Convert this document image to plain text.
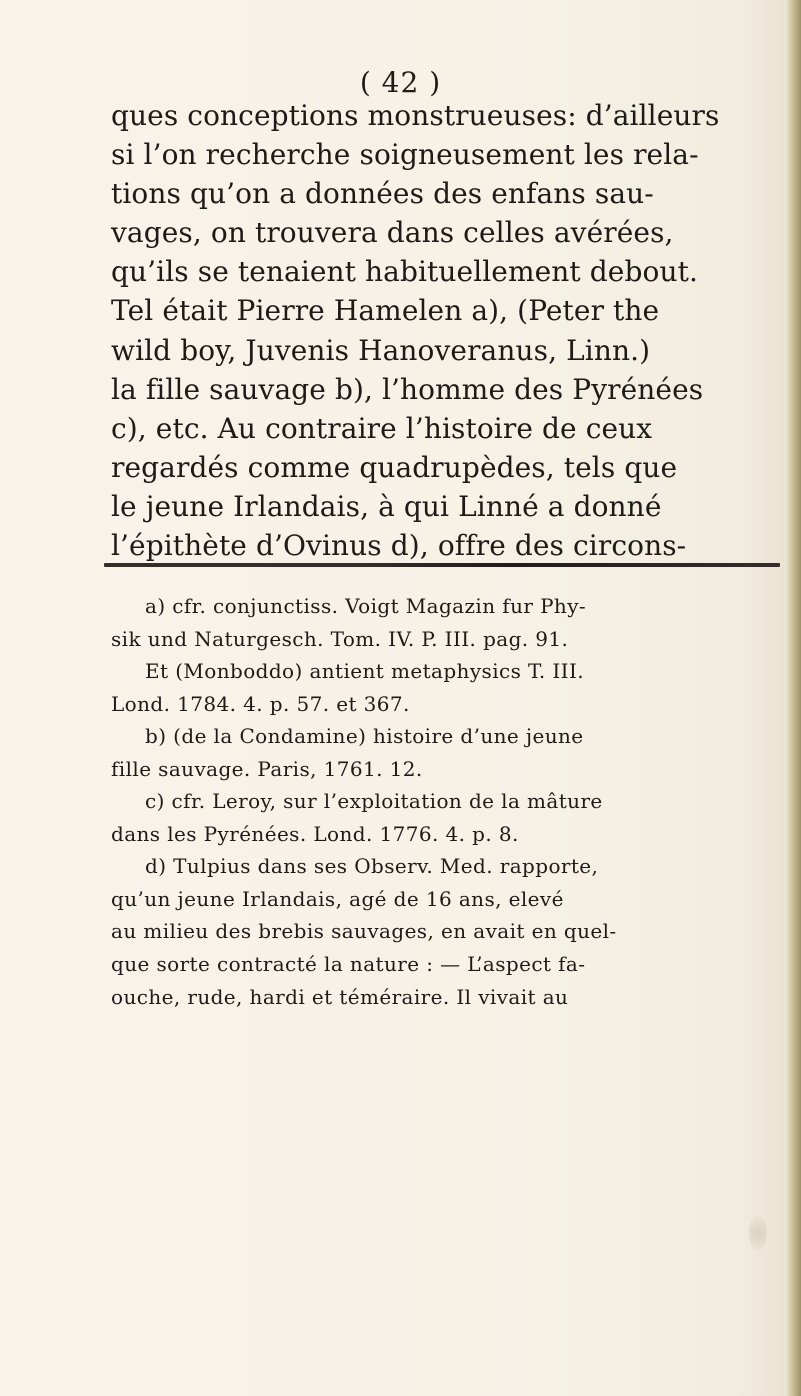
( 42 )
ques conceptions monstrueuses: d’ailleurs
si l’on recherche soigneusement les rela-
tions qu’on a données des enfans sau-
vages, on trouvera dans celles avérées,
qu’ils se tenaient habituellement debout.
Tel était Pierre Hamelen a), (Peter the
wild boy, Juvenis Hanoveranus, Linn.)
la fille sauvage b), l’homme des Pyrénées
c), etc. Au contraire l’histoire de ceux
regardés comme quadrupèdes, tels que
le jeune Irlandais, à qui Linné a donné
l’épithète d’Ovinus d), offre des circons-
a) cfr. conjunctiss. Voigt Magazin fur Phy-
sik und Naturgesch. Tom. IV. P. III. pag. 91.
Et (Monboddo) antient metaphysics T. III.
Lond. 1784. 4. p. 57. et 367.
b) (de la Condamine) histoire d’une jeune
fille sauvage. Paris, 1761. 12.
c) cfr. Leroy, sur l’exploitation de la mâture
dans les Pyrénées. Lond. 1776. 4. p. 8.
d) Tulpius dans ses Observ. Med. rapporte,
qu’un jeune Irlandais, agé de 16 ans, elevé
au milieu des brebis sauvages, en avait en quel-
que sorte contracté la nature : — L’aspect fa-
ouche, rude, hardi et téméraire. Il vivait au
